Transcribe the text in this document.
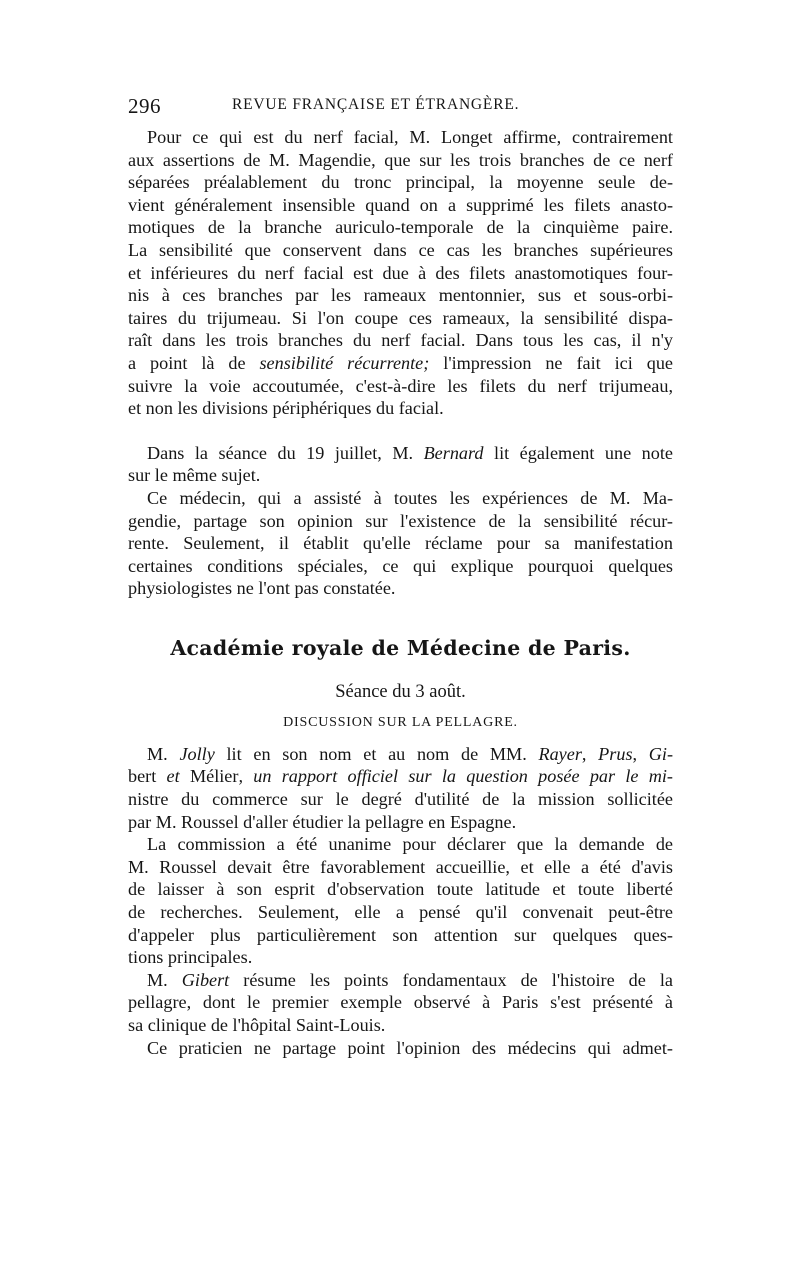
296	REVUE FRANÇAISE ET ÉTRANGÈRE.

Pour ce qui est du nerf facial, M. Longet affirme, contrairement

aux assertions de M. Magendie, que sur les trois branches de ce nerf

séparées préalablement du tronc principal, la moyenne seule de-

vient généralement insensible quand on a supprimé les filets anasto-

motiques de la branche auriculo-temporale de la cinquième paire.

La sensibilité que conservent dans ce cas les branches supérieures

et inférieures du nerf facial est due à des filets anastomotiques four-

nis à ces branches par les rameaux mentonnier, sus et sous-orbi-

taires du trijumeau. Si l'on coupe ces rameaux, la sensibilité dispa-

raît dans les trois branches du nerf facial. Dans tous les cas, il n'y

a point là de sensibilité récurrente; l'impression ne fait ici que

suivre la voie accoutumée, c'est-à-dire les filets du nerf trijumeau,

et non les divisions périphériques du facial.

Dans la séance du 19 juillet, M. Bernard lit également une note

sur le même sujet.

Ce médecin, qui a assisté à toutes les expériences de M. Ma-

gendie, partage son opinion sur l'existence de la sensibilité récur-

rente. Seulement, il établit qu'elle réclame pour sa manifestation

certaines conditions spéciales, ce qui explique pourquoi quelques

physiologistes ne l'ont pas constatée.

Académie royale de Médecine de Paris.
Séance du 3 août.
DISCUSSION SUR LA PELLAGRE.

M. Jolly lit en son nom et au nom de MM. Rayer, Prus, Gi-

bert et Mélier, un rapport officiel sur la question posée par le mi-

nistre du commerce sur le degré d'utilité de la mission sollicitée

par M. Roussel d'aller étudier la pellagre en Espagne.

La commission a été unanime pour déclarer que la demande de

M. Roussel devait être favorablement accueillie, et elle a été d'avis

de laisser à son esprit d'observation toute latitude et toute liberté

de recherches. Seulement, elle a pensé qu'il convenait peut-être

d'appeler plus particulièrement son attention sur quelques ques-

tions principales.

M. Gibert résume les points fondamentaux de l'histoire de la

pellagre, dont le premier exemple observé à Paris s'est présenté à

sa clinique de l'hôpital Saint-Louis.

Ce praticien ne partage point l'opinion des médecins qui admet-
